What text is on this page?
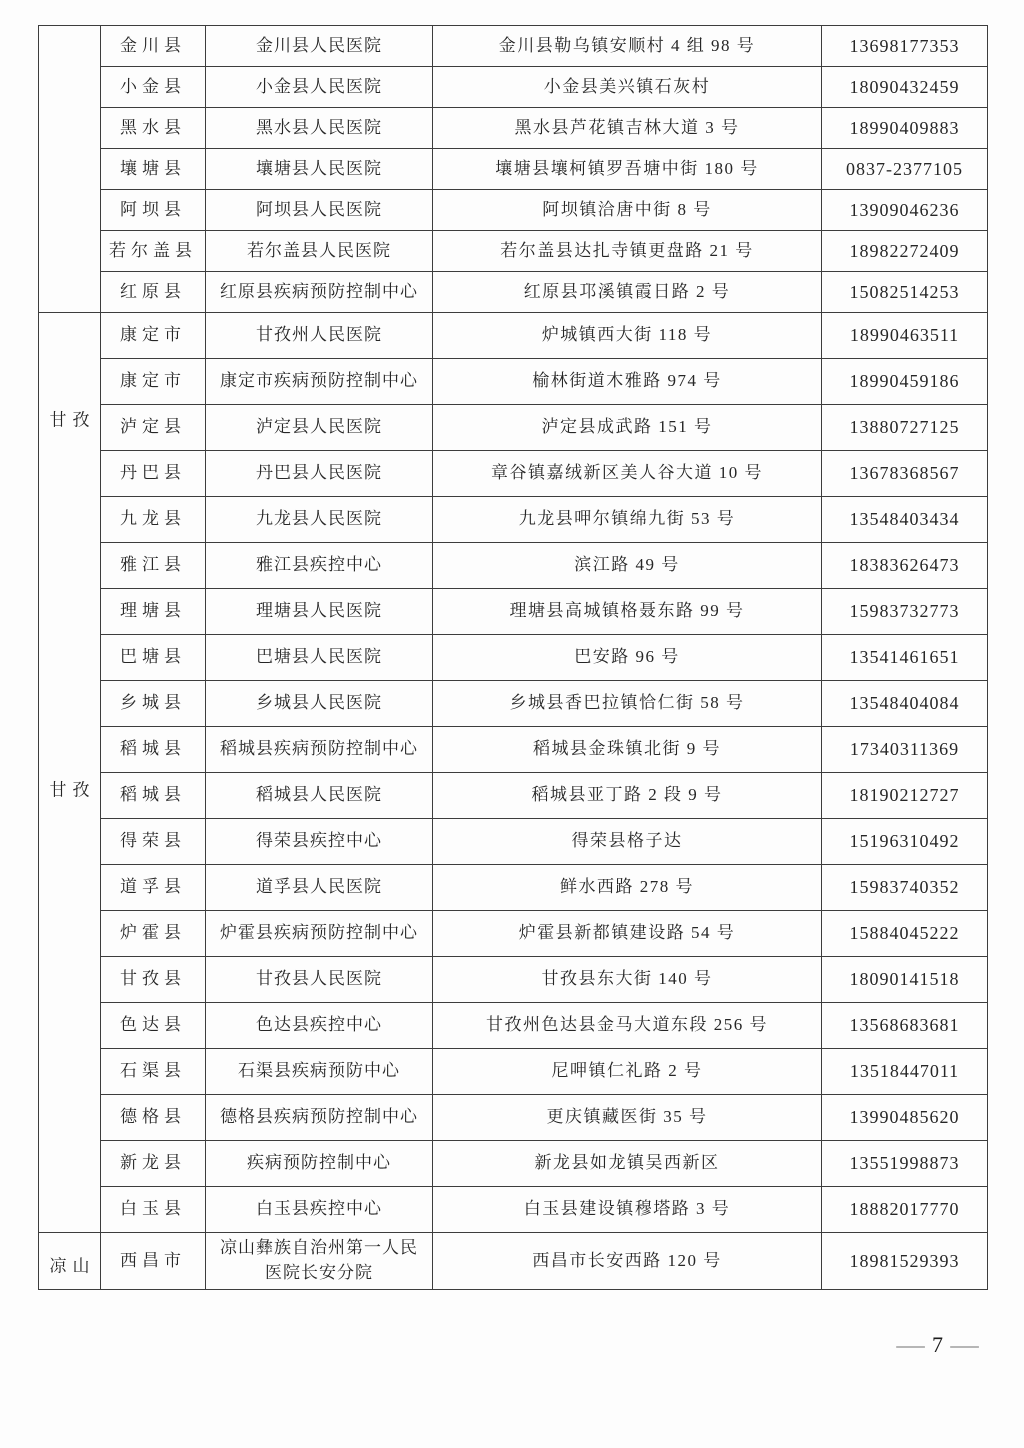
	金川县	金川县人民医院	金川县勒乌镇安顺村 4 组 98 号	13698177353
	小金县	小金县人民医院	小金县美兴镇石灰村	18090432459
	黑水县	黑水县人民医院	黑水县芦花镇吉林大道 3 号	18990409883
	壤塘县	壤塘县人民医院	壤塘县壤柯镇罗吾塘中街 180 号	0837-2377105
	阿坝县	阿坝县人民医院	阿坝镇洽唐中街 8 号	13909046236
	若尔盖县	若尔盖县人民医院	若尔盖县达扎寺镇更盘路 21 号	18982272409
	红原县	红原县疾病预防控制中心	红原县邛溪镇霞日路 2 号	15082514253

甘孜
甘孜	康定市	甘孜州人民医院	炉城镇西大街 118 号	18990463511
	康定市	康定市疾病预防控制中心	榆林街道木雅路 974 号	18990459186
	泸定县	泸定县人民医院	泸定县成武路 151 号	13880727125
	丹巴县	丹巴县人民医院	章谷镇嘉绒新区美人谷大道 10 号	13678368567
	九龙县	九龙县人民医院	九龙县呷尔镇绵九街 53 号	13548403434
	雅江县	雅江县疾控中心	滨江路 49 号	18383626473
	理塘县	理塘县人民医院	理塘县高城镇格聂东路 99 号	15983732773
	巴塘县	巴塘县人民医院	巴安路 96 号	13541461651
	乡城县	乡城县人民医院	乡城县香巴拉镇恰仁街 58 号	13548404084
	稻城县	稻城县疾病预防控制中心	稻城县金珠镇北街 9 号	17340311369
	稻城县	稻城县人民医院	稻城县亚丁路 2 段 9 号	18190212727
	得荣县	得荣县疾控中心	得荣县格子达	15196310492
	道孚县	道孚县人民医院	鲜水西路 278 号	15983740352
	炉霍县	炉霍县疾病预防控制中心	炉霍县新都镇建设路 54 号	15884045222
	甘孜县	甘孜县人民医院	甘孜县东大街 140 号	18090141518
	色达县	色达县疾控中心	甘孜州色达县金马大道东段 256 号	13568683681
	石渠县	石渠县疾病预防中心	尼呷镇仁礼路 2 号	13518447011
	德格县	德格县疾病预防控制中心	更庆镇藏医街 35 号	13990485620
	新龙县	疾病预防控制中心	新龙县如龙镇吴西新区	13551998873
	白玉县	白玉县疾控中心	白玉县建设镇穆塔路 3 号	18882017770

凉山	西昌市	凉山彝族自治州第一人民医院长安分院	西昌市长安西路 120 号	18981529393
— 7 —
